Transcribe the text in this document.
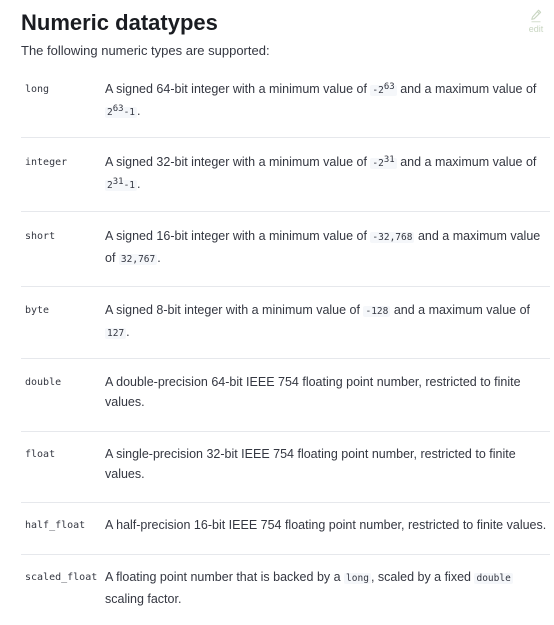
Numeric datatypes	edit

The following numeric types are supported:

long	A signed 64-bit integer with a minimum value of $-2^{63}$ and a maximum value of $2^{63}-1$ .

integer	A signed 32-bit integer with a minimum value of $-2^{31}$ and a maximum value of $2^{31}-1$ .

short	A signed 16-bit integer with a minimum value of -32,768 and a maximum value of 32,767 .

byte	A signed 8-bit integer with a minimum value of -128 and a maximum value of 127 .

double	A double-precision 64-bit IEEE 754 floating point number, restricted to finite values.

float	A single-precision 32-bit IEEE 754 floating point number, restricted to finite values.

half_float	A half-precision 16-bit IEEE 754 floating point number, restricted to finite values.

scaled_float	A floating point number that is backed by a long , scaled by a fixed double scaling factor.
